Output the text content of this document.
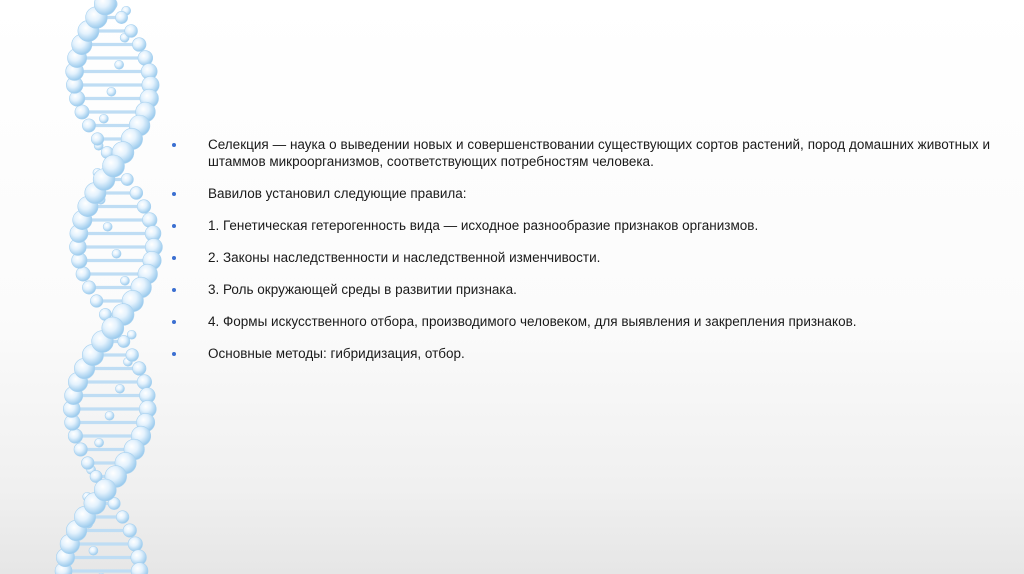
Селекция — наука о выведении новых и совершенствовании существующих сортов растений, пород домашних животных и штаммов микроорганизмов, соответствующих потребностям человека.
Вавилов установил следующие правила:
1. Генетическая гетерогенность вида — исходное разнообразие признаков организмов.
2. Законы наследственности и наследственной изменчивости.
3. Роль окружающей среды в развитии признака.
4. Формы искусственного отбора, производимого человеком, для выявления и закрепления признаков.
Основные методы: гибридизация, отбор.
